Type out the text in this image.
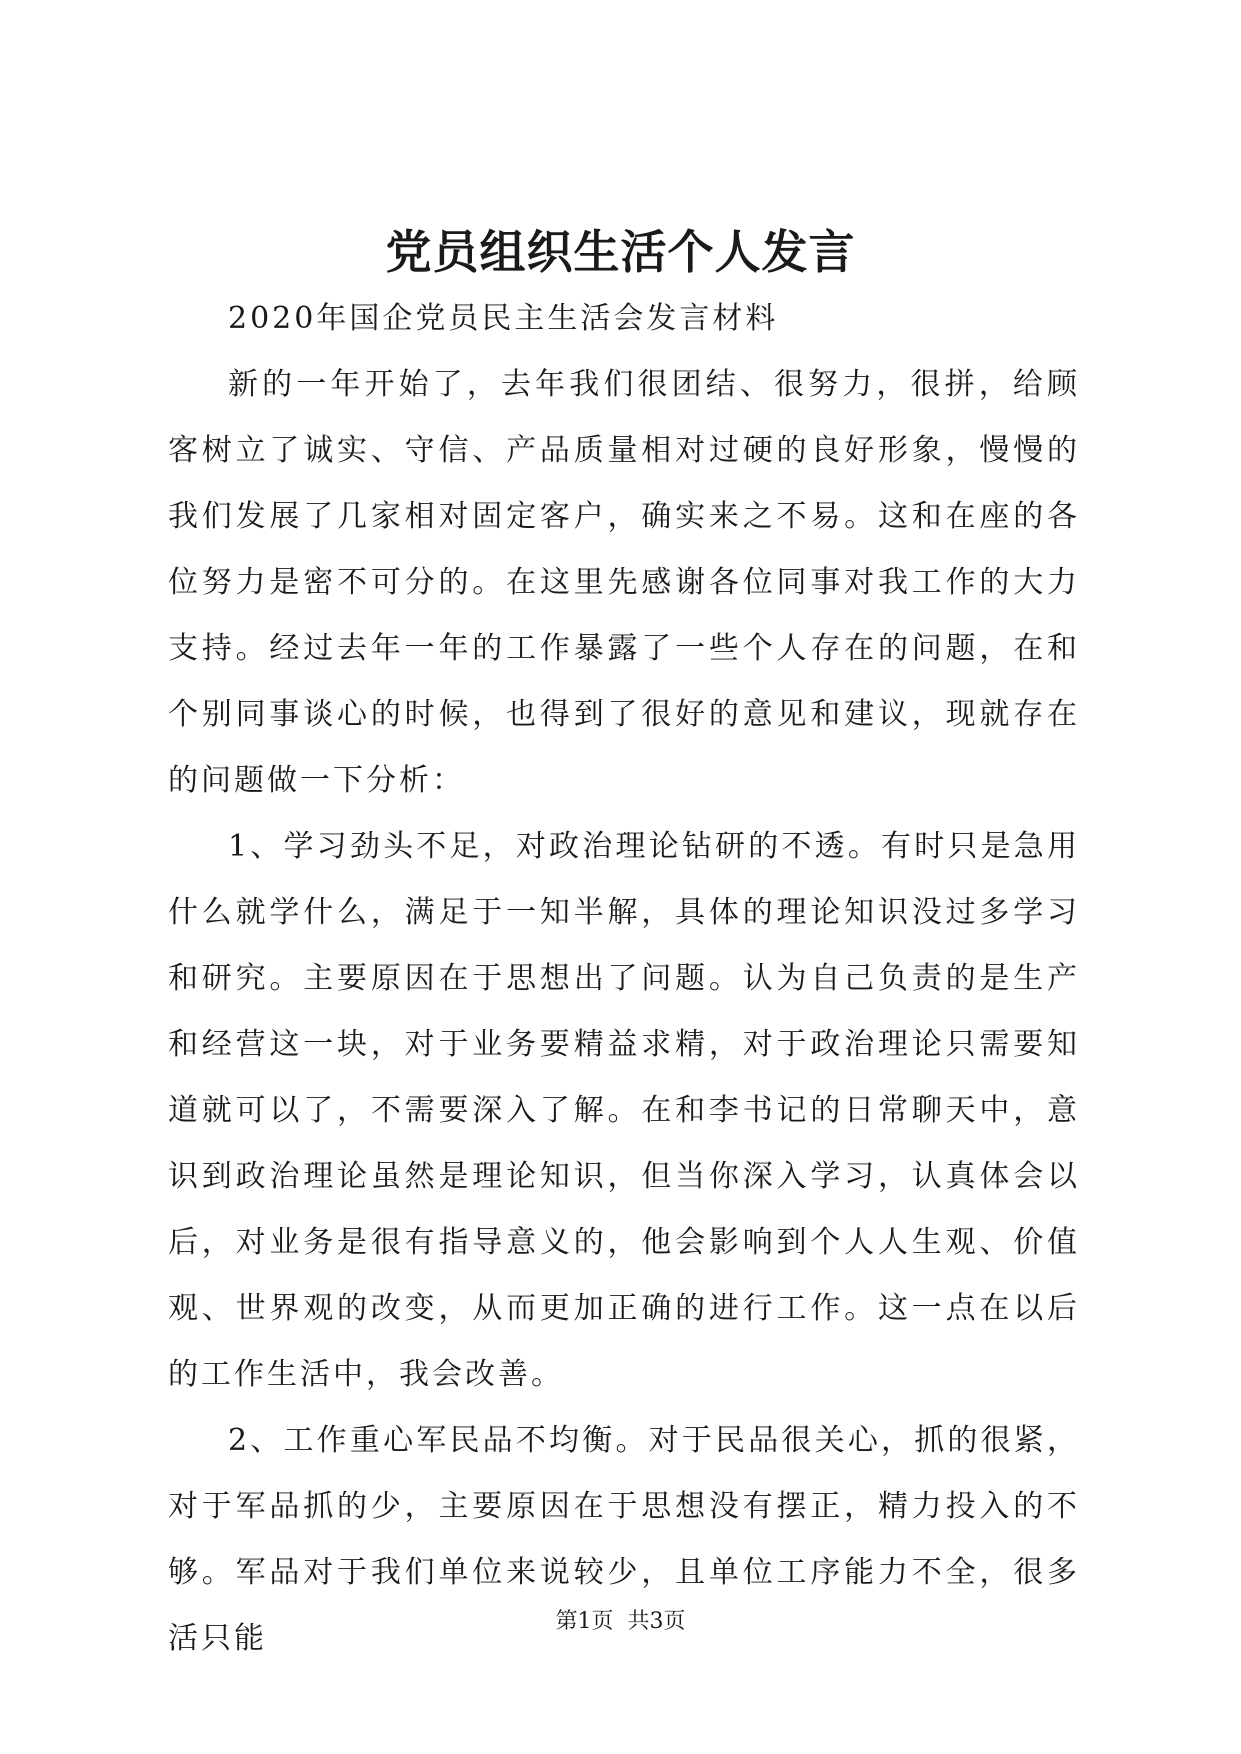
党员组织生活个人发言

2020年国企党员民主生活会发言材料

新的一年开始了，去年我们很团结、很努力，很拼，给顾客树立了诚实、守信、产品质量相对过硬的良好形象，慢慢的我们发展了几家相对固定客户，确实来之不易。这和在座的各位努力是密不可分的。在这里先感谢各位同事对我工作的大力支持。经过去年一年的工作暴露了一些个人存在的问题，在和个别同事谈心的时候，也得到了很好的意见和建议，现就存在的问题做一下分析：

1、学习劲头不足，对政治理论钻研的不透。有时只是急用什么就学什么，满足于一知半解，具体的理论知识没过多学习和研究。主要原因在于思想出了问题。认为自己负责的是生产和经营这一块，对于业务要精益求精，对于政治理论只需要知道就可以了，不需要深入了解。在和李书记的日常聊天中，意识到政治理论虽然是理论知识，但当你深入学习，认真体会以后，对业务是很有指导意义的，他会影响到个人人生观、价值观、世界观的改变，从而更加正确的进行工作。这一点在以后的工作生活中，我会改善。

2、工作重心军民品不均衡。对于民品很关心，抓的很紧，对于军品抓的少，主要原因在于思想没有摆正，精力投入的不够。军品对于我们单位来说较少，且单位工序能力不全，很多活只能	第1页 共3页
